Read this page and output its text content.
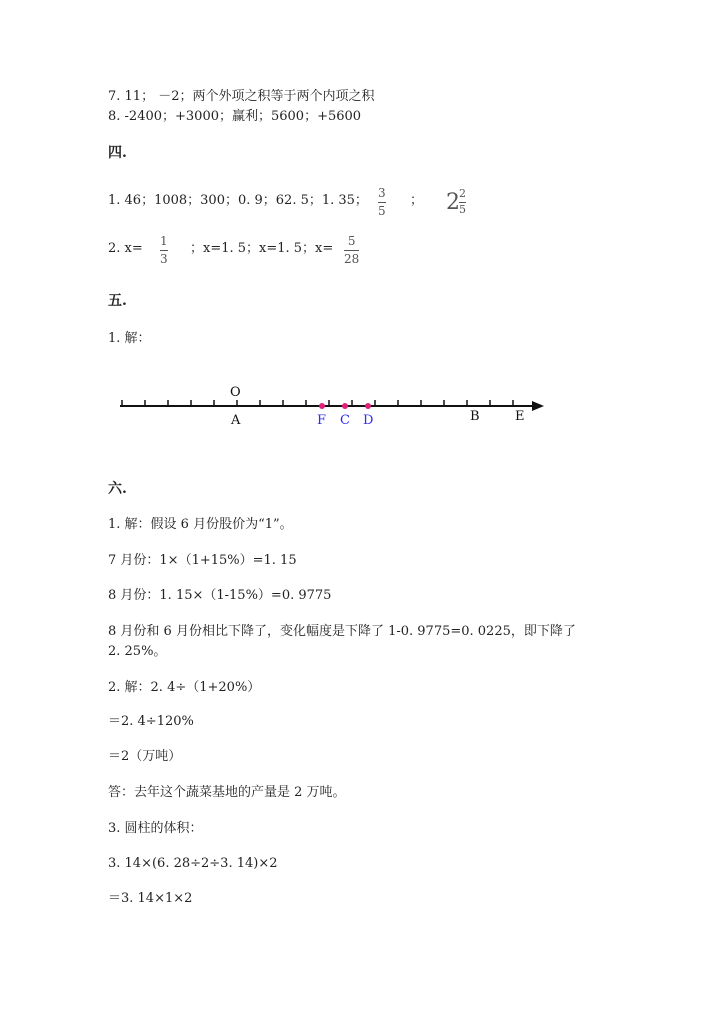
7. 11； －2；两个外项之积等于两个内项之积
8. -2400；+3000；赢利；5600；+5600
四.
1. 46；1008；300；0. 9；62. 5；1. 35； 3
5
； 2 2
5
2. x= 1
3
；x=1. 5；x=1. 5；x= 5
28
五.
1. 解：
O
A	F C D	B	E
六.
1. 解：假设 6 月份股价为“1”。
7 月份：1×（1+15%）=1. 15
8 月份：1. 15×（1-15%）=0. 9775
8 月份和 6 月份相比下降了，变化幅度是下降了 1-0. 9775=0. 0225，即下降了
2. 25%。
2. 解：2. 4÷（1+20%）
＝2. 4÷120%
＝2（万吨）
答：去年这个蔬菜基地的产量是 2 万吨。
3. 圆柱的体积：
3. 14×(6. 28÷2÷3. 14)×2
＝3. 14×1×2
